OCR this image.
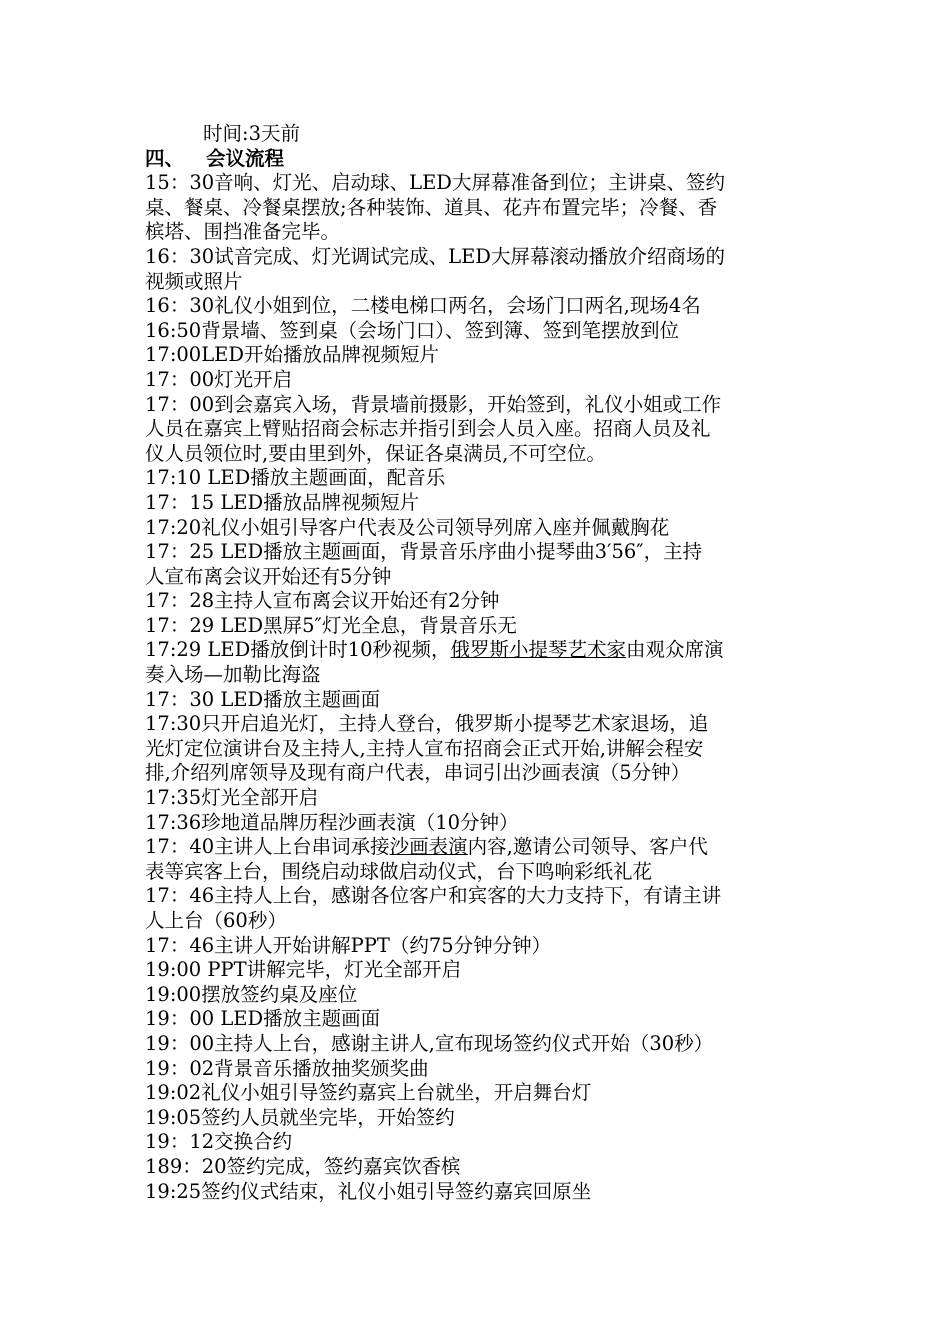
时间:3天前
四、 会议流程
15：30音响、灯光、启动球、LED大屏幕准备到位；主讲桌、签约
桌、餐桌、冷餐桌摆放;各种装饰、道具、花卉布置完毕；冷餐、香
槟塔、围挡准备完毕。
16：30试音完成、灯光调试完成、LED大屏幕滚动播放介绍商场的
视频或照片
16：30礼仪小姐到位，二楼电梯口两名，会场门口两名,现场4名
16:50背景墙、签到桌（会场门口）、签到簿、签到笔摆放到位
17:00LED开始播放品牌视频短片
17：00灯光开启
17：00到会嘉宾入场，背景墙前摄影，开始签到，礼仪小姐或工作
人员在嘉宾上臂贴招商会标志并指引到会人员入座。招商人员及礼
仪人员领位时,要由里到外，保证各桌满员,不可空位。
17:10 LED播放主题画面，配音乐
17：15 LED播放品牌视频短片
17:20礼仪小姐引导客户代表及公司领导列席入座并佩戴胸花
17：25 LED播放主题画面，背景音乐序曲小提琴曲3′56″，主持
人宣布离会议开始还有5分钟
17：28主持人宣布离会议开始还有2分钟
17：29 LED黑屏5″灯光全息，背景音乐无
17:29 LED播放倒计时10秒视频，俄罗斯小提琴艺术家由观众席演
奏入场—加勒比海盗
17：30 LED播放主题画面
17:30只开启追光灯，主持人登台，俄罗斯小提琴艺术家退场，追
光灯定位演讲台及主持人,主持人宣布招商会正式开始,讲解会程安
排,介绍列席领导及现有商户代表，串词引出沙画表演（5分钟）
17:35灯光全部开启
17:36珍地道品牌历程沙画表演（10分钟）
17：40主讲人上台串词承接沙画表演内容,邀请公司领导、客户代
表等宾客上台，围绕启动球做启动仪式，台下鸣响彩纸礼花
17：46主持人上台，感谢各位客户和宾客的大力支持下，有请主讲
人上台（60秒）
17：46主讲人开始讲解PPT（约75分钟分钟）
19:00 PPT讲解完毕，灯光全部开启
19:00摆放签约桌及座位
19：00 LED播放主题画面
19：00主持人上台，感谢主讲人,宣布现场签约仪式开始（30秒）
19：02背景音乐播放抽奖颁奖曲
19:02礼仪小姐引导签约嘉宾上台就坐，开启舞台灯
19:05签约人员就坐完毕，开始签约
19：12交换合约
189：20签约完成，签约嘉宾饮香槟
19:25签约仪式结束，礼仪小姐引导签约嘉宾回原坐
